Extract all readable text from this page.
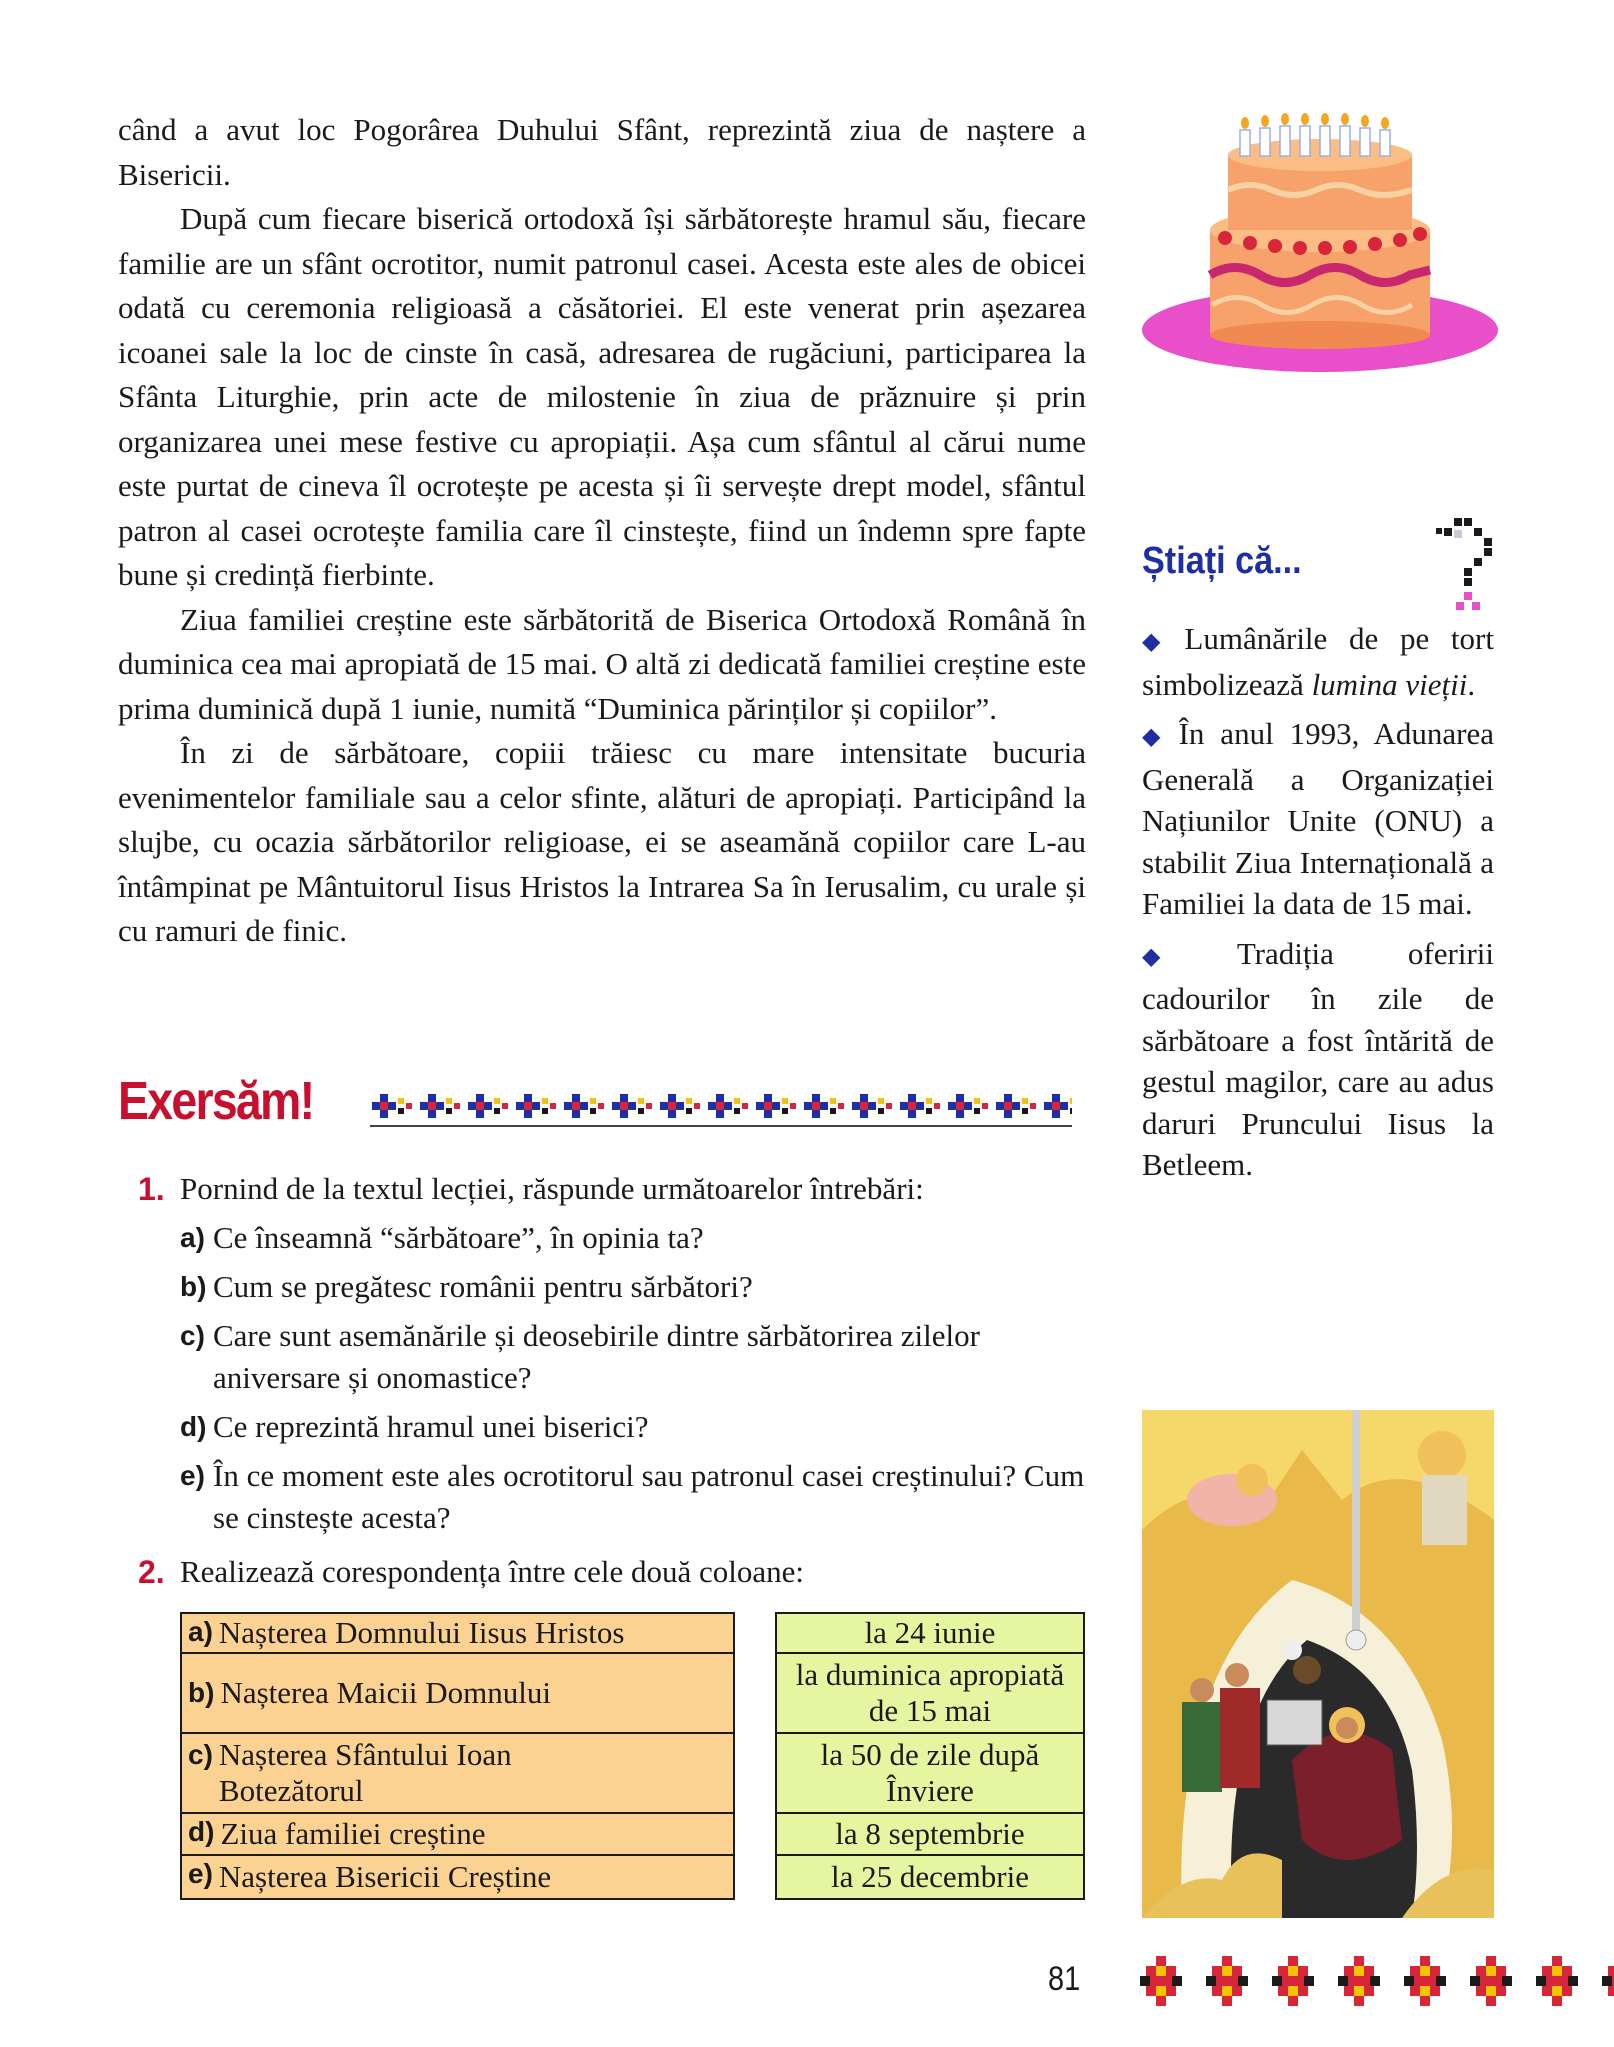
când a avut loc Pogorârea Duhului Sfânt, reprezintă ziua de naștere a Bisericii.

După cum fiecare biserică ortodoxă își sărbătorește hramul său, fiecare familie are un sfânt ocrotitor, numit patronul casei. Acesta este ales de obicei odată cu ceremonia religioasă a căsătoriei. El este venerat prin așezarea icoanei sale la loc de cinste în casă, adresarea de rugăciuni, participarea la Sfânta Liturghie, prin acte de milostenie în ziua de prăznuire și prin organizarea unei mese festive cu apropiații. Așa cum sfântul al cărui nume este purtat de cineva îl ocrotește pe acesta și îi servește drept model, sfântul patron al casei ocrotește familia care îl cinstește, fiind un îndemn spre fapte bune și credință fierbinte.

Ziua familiei creștine este sărbătorită de Biserica Ortodoxă Română în duminica cea mai apropiată de 15 mai. O altă zi dedicată familiei creștine este prima duminică după 1 iunie, numită “Duminica părinților și copiilor”.

În zi de sărbătoare, copiii trăiesc cu mare intensitate bucuria evenimentelor familiale sau a celor sfinte, alături de apropiați. Participând la slujbe, cu ocazia sărbătorilor religioase, ei se aseamănă copiilor care L-au întâmpinat pe Mântuitorul Iisus Hristos la Intrarea Sa în Ierusalim, cu urale și cu ramuri de finic.

Exersăm!
1. Pornind de la textul lecției, răspunde următoarelor întrebări:
a) Ce înseamnă “sărbătoare”, în opinia ta?
b) Cum se pregătesc românii pentru sărbători?
c) Care sunt asemănările și deosebirile dintre sărbătorirea zilelor aniversare și onomastice?
d) Ce reprezintă hramul unei biserici?
e) În ce moment este ales ocrotitorul sau patronul casei creștinului? Cum se cinstește acesta?
2. Realizează corespondența între cele două coloane:
a) Nașterea Domnului Iisus Hristos
b) Nașterea Maicii Domnului
c) Nașterea Sfântului Ioan Botezătorul
d) Ziua familiei creștine
e) Nașterea Bisericii Creștine
la 24 iunie
la duminica apropiată de 15 mai
la 50 de zile după Înviere
la 8 septembrie
la 25 decembrie
Știați că...

◆ Lumânările de pe tort simbolizează lumina vieții.

◆ În anul 1993, Adunarea Generală a Organizației Națiunilor Unite (ONU) a stabilit Ziua Internațională a Familiei la data de 15 mai.

◆ Tradiția oferirii cadourilor în zile de sărbătoare a fost întărită de gestul magilor, care au adus daruri Pruncului Iisus la Betleem.

81
